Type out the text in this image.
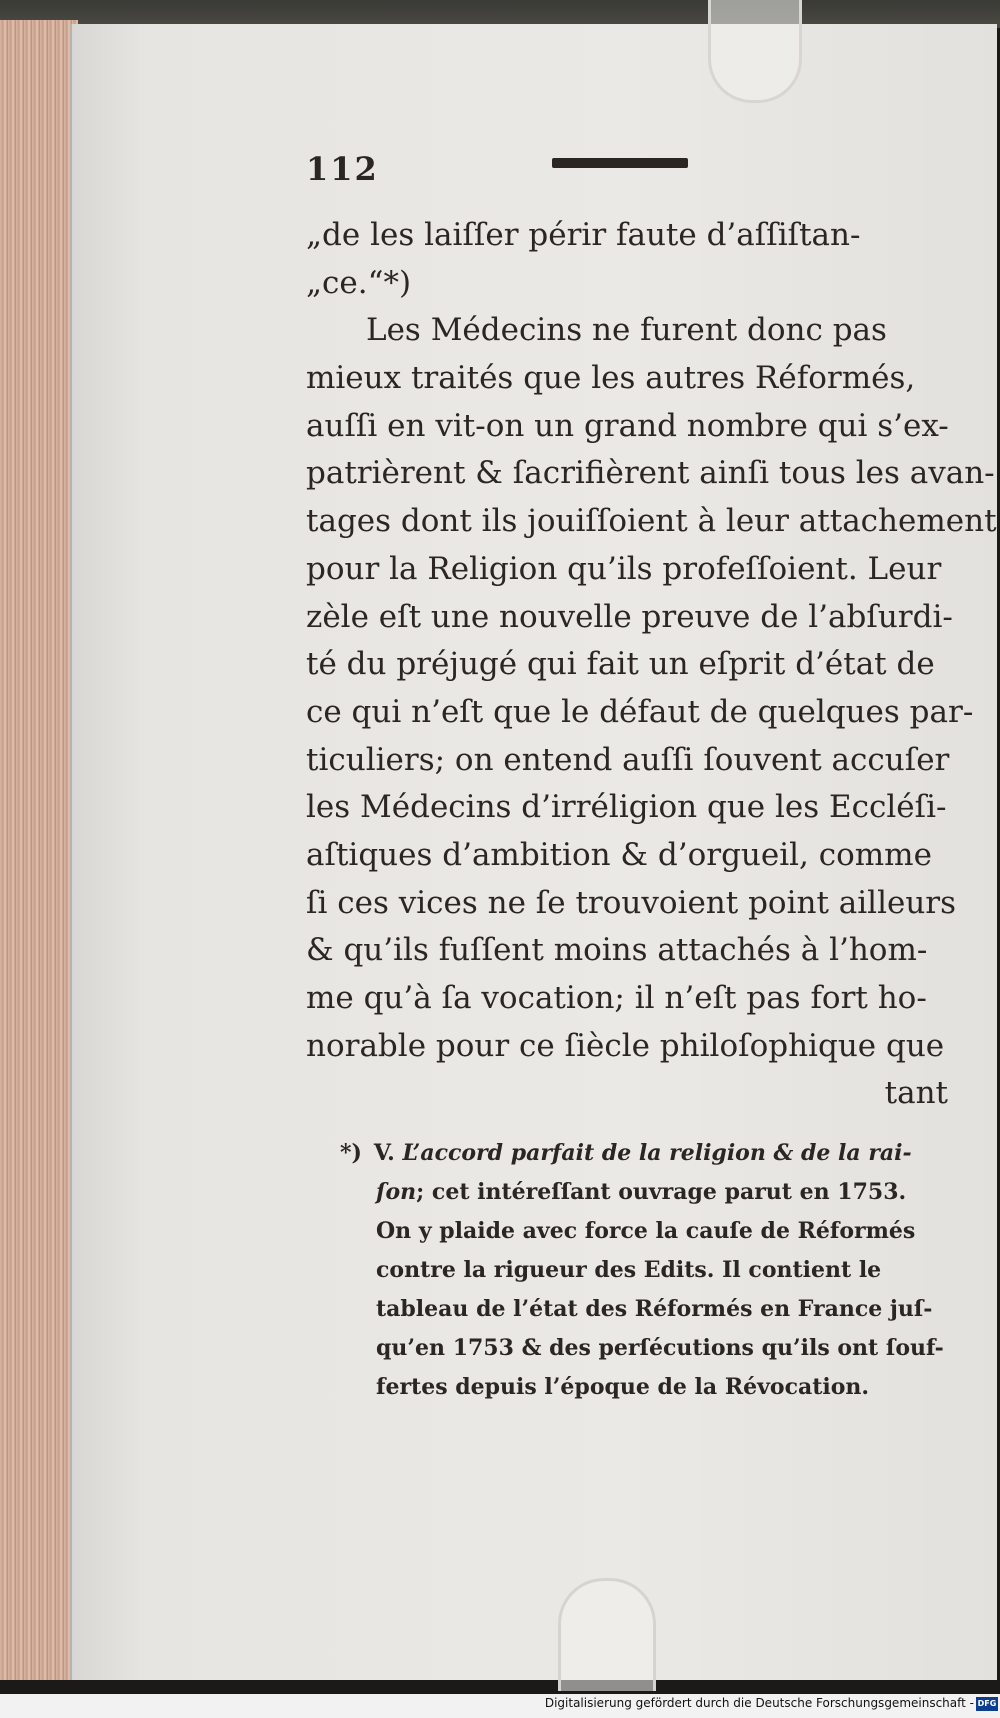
112
„de les laiſſer périr faute d’aſſiſtan-
„ce.“*)
Les Médecins ne furent donc pas
mieux traités que les autres Réformés,
auſſi en vit-on un grand nombre qui s’ex-
patrièrent & ſacrifièrent ainſi tous les avan-
tages dont ils jouiſſoient à leur attachement
pour la Religion qu’ils profeſſoient. Leur
zèle eſt une nouvelle preuve de l’abſurdi-
té du préjugé qui fait un eſprit d’état de
ce qui n’eſt que le défaut de quelques par-
ticuliers; on entend auſſi ſouvent accuſer
les Médecins d’irréligion que les Eccléſi-
aſtiques d’ambition & d’orgueil, comme
ſi ces vices ne ſe trouvoient point ailleurs
& qu’ils fuſſent moins attachés à l’hom-
me qu’à ſa vocation; il n’eſt pas fort ho-
norable pour ce ſiècle philoſophique que
tant
*) V.
L’accord parfait de la religion & de la rai-
ſon ; cet intéreſſant ouvrage parut en 1753.
On y plaide avec force la cauſe de Réformés
contre la rigueur des Edits. Il contient le
tableau de l’état des Réformés en France juſ-
qu’en 1753 & des perſécutions qu’ils ont ſouf-
fertes depuis l’époque de la Révocation.
Digitalisierung gefördert durch die Deutsche Forschungsgemeinschaft - DFG
